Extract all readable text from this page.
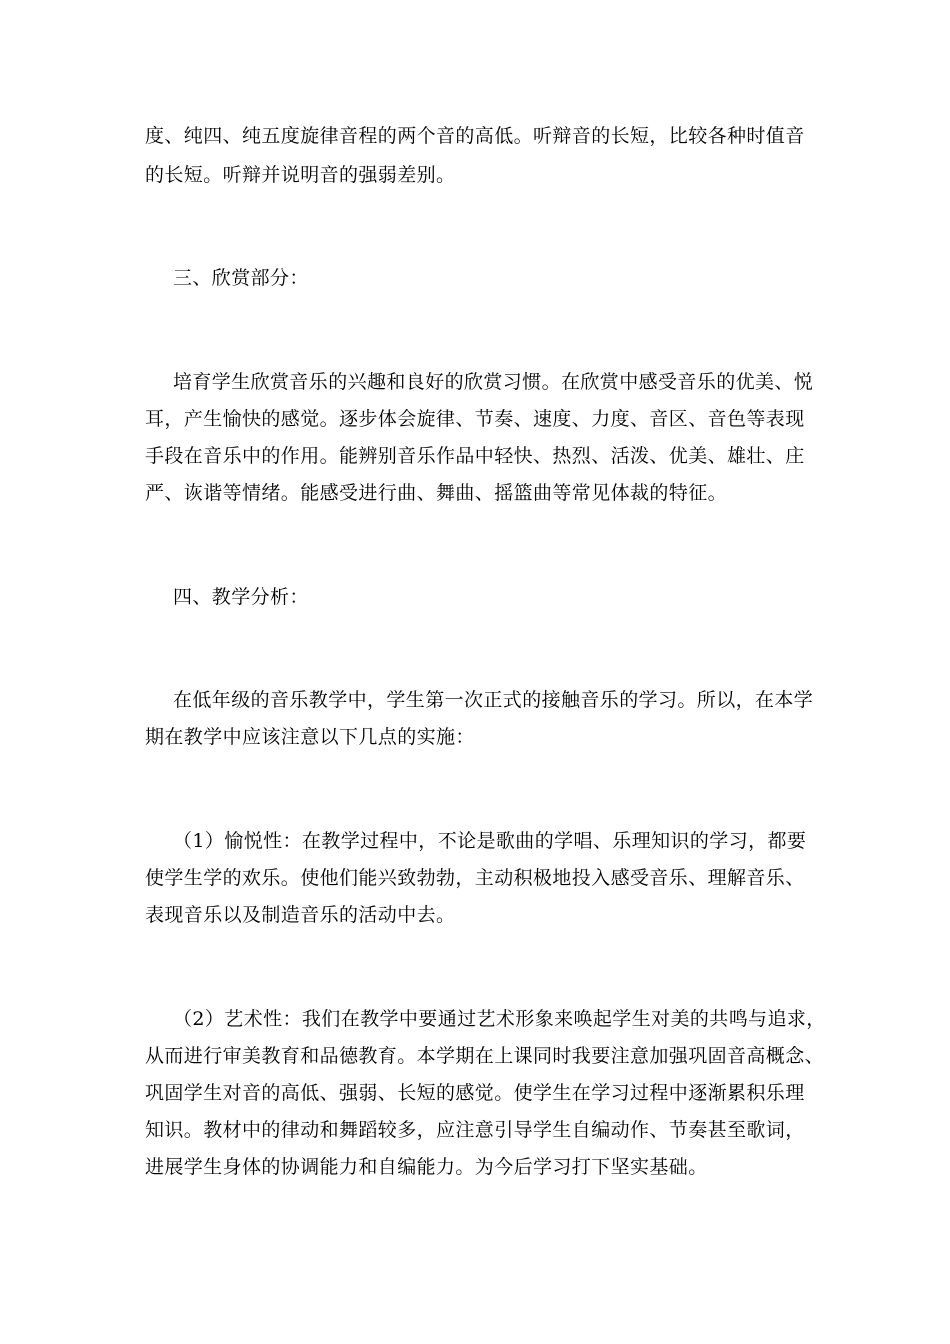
度、纯四、纯五度旋律音程的两个音的高低。听辩音的长短，比较各种时值音
的长短。听辩并说明音的强弱差别。
三、欣赏部分：
培育学生欣赏音乐的兴趣和良好的欣赏习惯。在欣赏中感受音乐的优美、悦
耳，产生愉快的感觉。逐步体会旋律、节奏、速度、力度、音区、音色等表现
手段在音乐中的作用。能辨别音乐作品中轻快、热烈、活泼、优美、雄壮、庄
严、诙谐等情绪。能感受进行曲、舞曲、摇篮曲等常见体裁的特征。
四、教学分析：
在低年级的音乐教学中，学生第一次正式的接触音乐的学习。所以，在本学
期在教学中应该注意以下几点的实施：
（1）愉悦性：在教学过程中，不论是歌曲的学唱、乐理知识的学习，都要
使学生学的欢乐。使他们能兴致勃勃，主动积极地投入感受音乐、理解音乐、
表现音乐以及制造音乐的活动中去。
（2）艺术性：我们在教学中要通过艺术形象来唤起学生对美的共鸣与追求，
从而进行审美教育和品德教育。本学期在上课同时我要注意加强巩固音高概念、
巩固学生对音的高低、强弱、长短的感觉。使学生在学习过程中逐渐累积乐理
知识。教材中的律动和舞蹈较多，应注意引导学生自编动作、节奏甚至歌词，
进展学生身体的协调能力和自编能力。为今后学习打下坚实基础。
